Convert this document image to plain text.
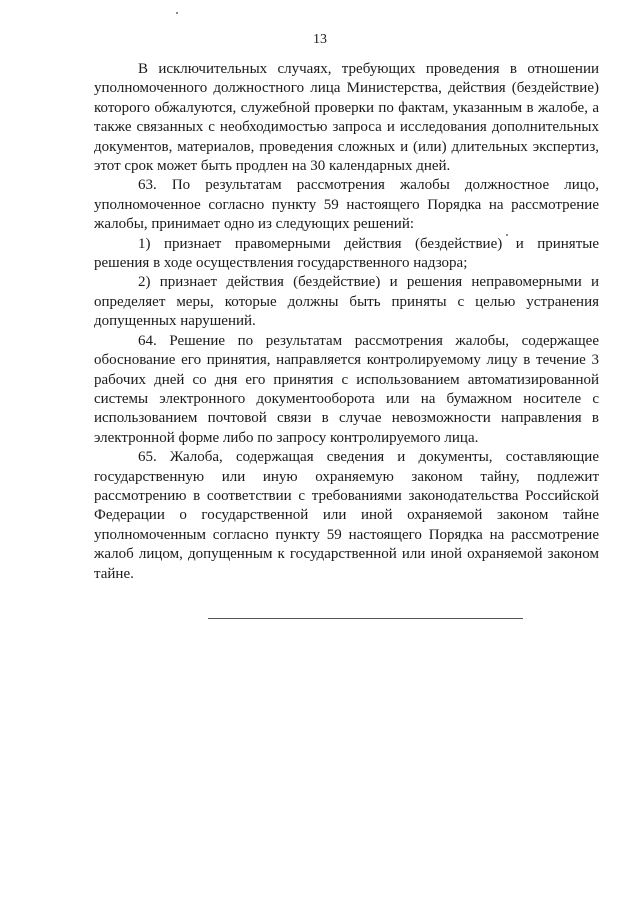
13

В исключительных случаях, требующих проведения в отношении уполномоченного должностного лица Министерства, действия (бездействие) которого обжалуются, служебной проверки по фактам, указанным в жалобе, а также связанных с необходимостью запроса и исследования дополнительных документов, материалов, проведения сложных и (или) длительных экспертиз, этот срок может быть продлен на 30 календарных дней.

63. По результатам рассмотрения жалобы должностное лицо, уполномоченное согласно пункту 59 настоящего Порядка на рассмотрение жалобы, принимает одно из следующих решений:

1) признает правомерными действия (бездействие) и принятые решения в ходе осуществления государственного надзора;

2) признает действия (бездействие) и решения неправомерными и определяет меры, которые должны быть приняты с целью устранения допущенных нарушений.

64. Решение по результатам рассмотрения жалобы, содержащее обоснование его принятия, направляется контролируемому лицу в течение 3 рабочих дней со дня его принятия с использованием автоматизированной системы электронного документооборота или на бумажном носителе с использованием почтовой связи в случае невозможности направления в электронной форме либо по запросу контролируемого лица.

65. Жалоба, содержащая сведения и документы, составляющие государственную или иную охраняемую законом тайну, подлежит рассмотрению в соответствии с требованиями законодательства Российской Федерации о государственной или иной охраняемой законом тайне уполномоченным согласно пункту 59 настоящего Порядка на рассмотрение жалоб лицом, допущенным к государственной или иной охраняемой законом тайне.
